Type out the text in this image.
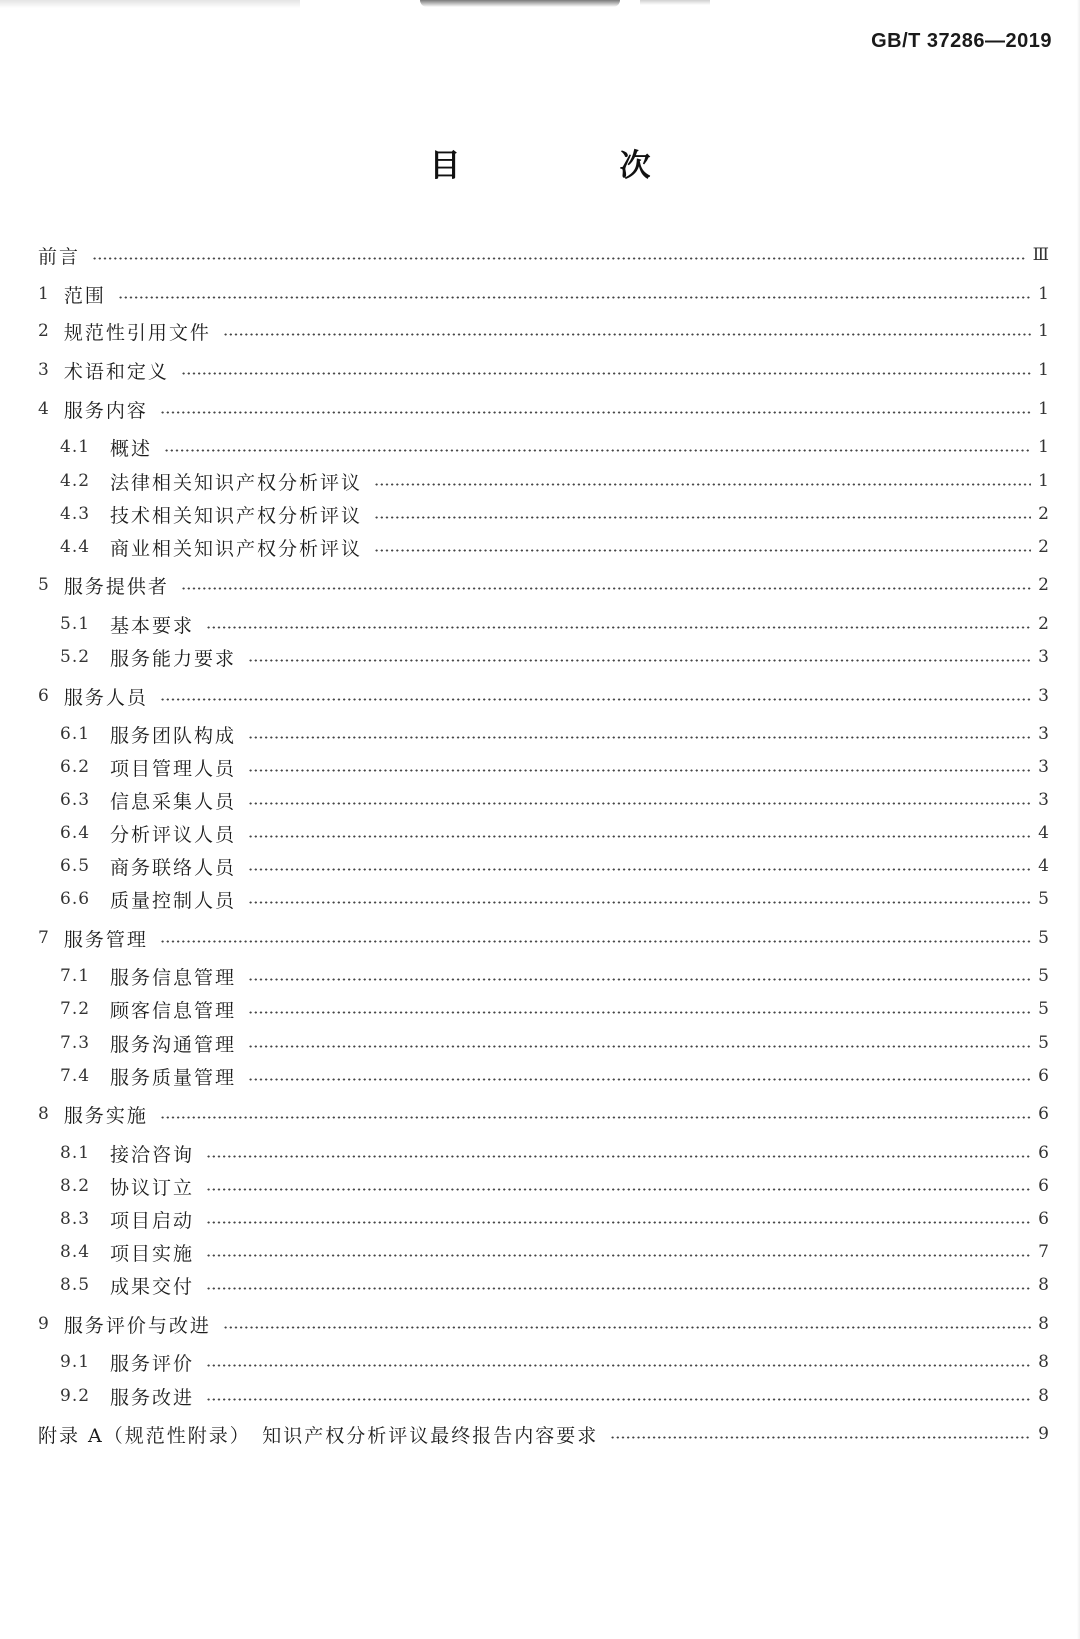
GB/T 37286—2019
目　次
前言	Ⅲ
1 范围	1
2 规范性引用文件	1
3 术语和定义	1
4 服务内容	1
4.1	概述	1
4.2	法律相关知识产权分析评议	1
4.3	技术相关知识产权分析评议	2
4.4	商业相关知识产权分析评议	2
5 服务提供者	2
5.1	基本要求	2
5.2	服务能力要求	3
6 服务人员	3
6.1	服务团队构成	3
6.2	项目管理人员	3
6.3	信息采集人员	3
6.4	分析评议人员	4
6.5	商务联络人员	4
6.6	质量控制人员	5
7 服务管理	5
7.1	服务信息管理	5
7.2	顾客信息管理	5
7.3	服务沟通管理	5
7.4	服务质量管理	6
8 服务实施	6
8.1	接洽咨询	6
8.2	协议订立	6
8.3	项目启动	6
8.4	项目实施	7
8.5	成果交付	8
9 服务评价与改进	8
9.1	服务评价	8
9.2	服务改进	8
附录 A（规范性附录）　知识产权分析评议最终报告内容要求	9
